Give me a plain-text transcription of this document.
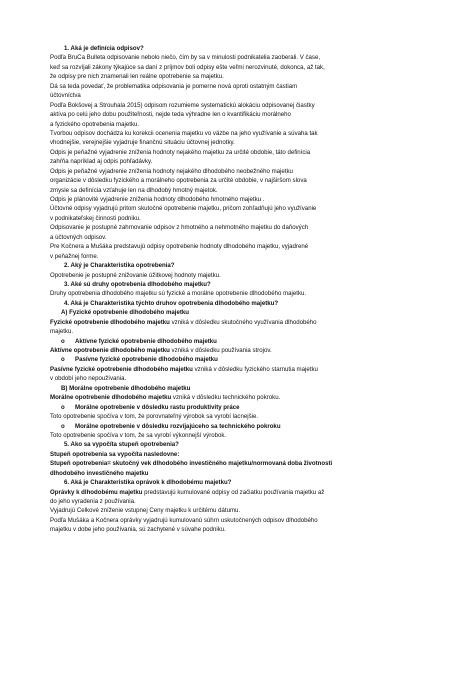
1. Aká je definícia odpisov?
Podľa BruCa Bulleta odpisovanie nebolo niečo, čím by sa v minulosti podnikatelia zaoberali. V čase,
keď sa rozvíjali zákony týkajúce sa daní z príjmov boli odpisy ešte veľmi nerozvinuté, dokonca, až tak,
že odpisy pre nich znamenali len reálne opotrebenie sa majetku.
Dá sa teda povedať, že problematika odpisovania je pomerne nová oproti ostatným častiam
účtovníctva
Podľa Bokšovej a Strouhala 2015) odpisom rozumieme systematickú alokáciu odpisovanej čiastky
aktíva po celú jeho dobu použiteľnosti, nejde teda výhradne len o kvantifikáciu morálneho
a fyzického opotrebenia majetku.
Tvorbou odpisov dochádza ku korekcii ocenenia majetku vo väzbe na jeho využívanie a súvaha tak
vhodnejšie, verejnejšie vyjadruje finančnú situáciu účtovnej jednotky.
Odpis je peňažné vyjadrenie zníženia hodnoty nejakého majetku za určité obdobie, táto definícia
zahŕňa napríklad aj odpis pohľadávky.
Odpis je peňažné vyjadrenie zníženia hodnoty nejakého dlhodobého neobežného majetku
organizácie v dôsledku fyzického a morálneho opotrebenia za určité obdobie, v najširšom slova
zmysle sa definícia vzťahuje len na dlhodobý hmotný majetok.
Odpis je plánovité vyjadrenie zníženia hodnoty dlhodobého hmotného majetku .
Účtovné odpisy vyjadrujú pritom skutočné opotrebenie majetku, pričom zohľadňujú jeho využívanie
v podnikateľskej činnosti podniku.
Odpisovanie je postupné zahrnovanie odpisov z hmotného a nehmotného majetku do daňových
a účtovných odpisov.
Pre Kočnera a Mušáka predstavujú odpisy opotrebenie hodnoty dlhodobého majetku, vyjadrené
v peňažnej forme.
2. Aký je Charakteristika opotrebenia?
Opotrebenie je postupné znižovanie úžitkovej hodnoty majetku.
3. Aké sú druhy opotrebenia dlhodobého majetku?
Druhy opotrebenia dlhodobého majetku sú fyzické a morálne opotrebenie dlhodobého majetku.
4. Aká je Charakteristika týchto druhov opotrebenia dlhodobého majetku?
A) Fyzické opotrebenie dlhodobého majetku
Fyzické opotrebenie dlhodobého majetku vzniká v dôsledku skutočného využívania dlhodobého
majetku.
o Aktívne fyzické opotrebenie dlhodobého majetku
Aktívne opotrebenie dlhodobého majetku vzniká v dôsledku používania strojov.
o Pasívne fyzické opotrebenie dlhodobého majetku
Pasívne fyzické opotrebenie dlhodobého majetku vzniká v dôsledku fyzického starnutia majetku
v období jeho nepoužívania.
B) Morálne opotrebenie dlhodobého majetku
Morálne opotrebenie dlhodobého majetku vzniká v dôsledku technického pokroku.
o Morálne opotrebenie v dôsledku rastu produktivity práce
Toto opotrebenie spočíva v tom, že porovnateľný výrobok sa vyrobí lacnejšie.
o Morálne opotrebenie v dôsledku rozvíjajúceho sa technického pokroku
Toto opotrebenie spočíva v tom, že sa vyrobí výkonnejší výrobok.
5. Ako sa vypočíta stupeň opotrebenia?
Stupeň opotrebenia sa vypočíta nasledovne:
Stupeň opotrebenia= skutočný vek dlhodobého investičného majetku/normovaná doba životnosti
dlhodobého investičného majetku
6. Aká je Charakteristika oprávok k dlhodobému majetku?
Oprávky k dlhodobému majetku predstavujú kumulované odpisy od začiatku používania majetku až
do jeho vyradenia z používania.
Vyjadrujú Celkové zníženie vstupnej Ceny majetku k určitému dátumu.
Podľa Mušáka a Kočnera oprávky vyjadrujú kumulovanú súhrn uskutočnených odpisov dlhodobého
majetku v dobe jeho používania, sú zachytené v súvahe podniku.
